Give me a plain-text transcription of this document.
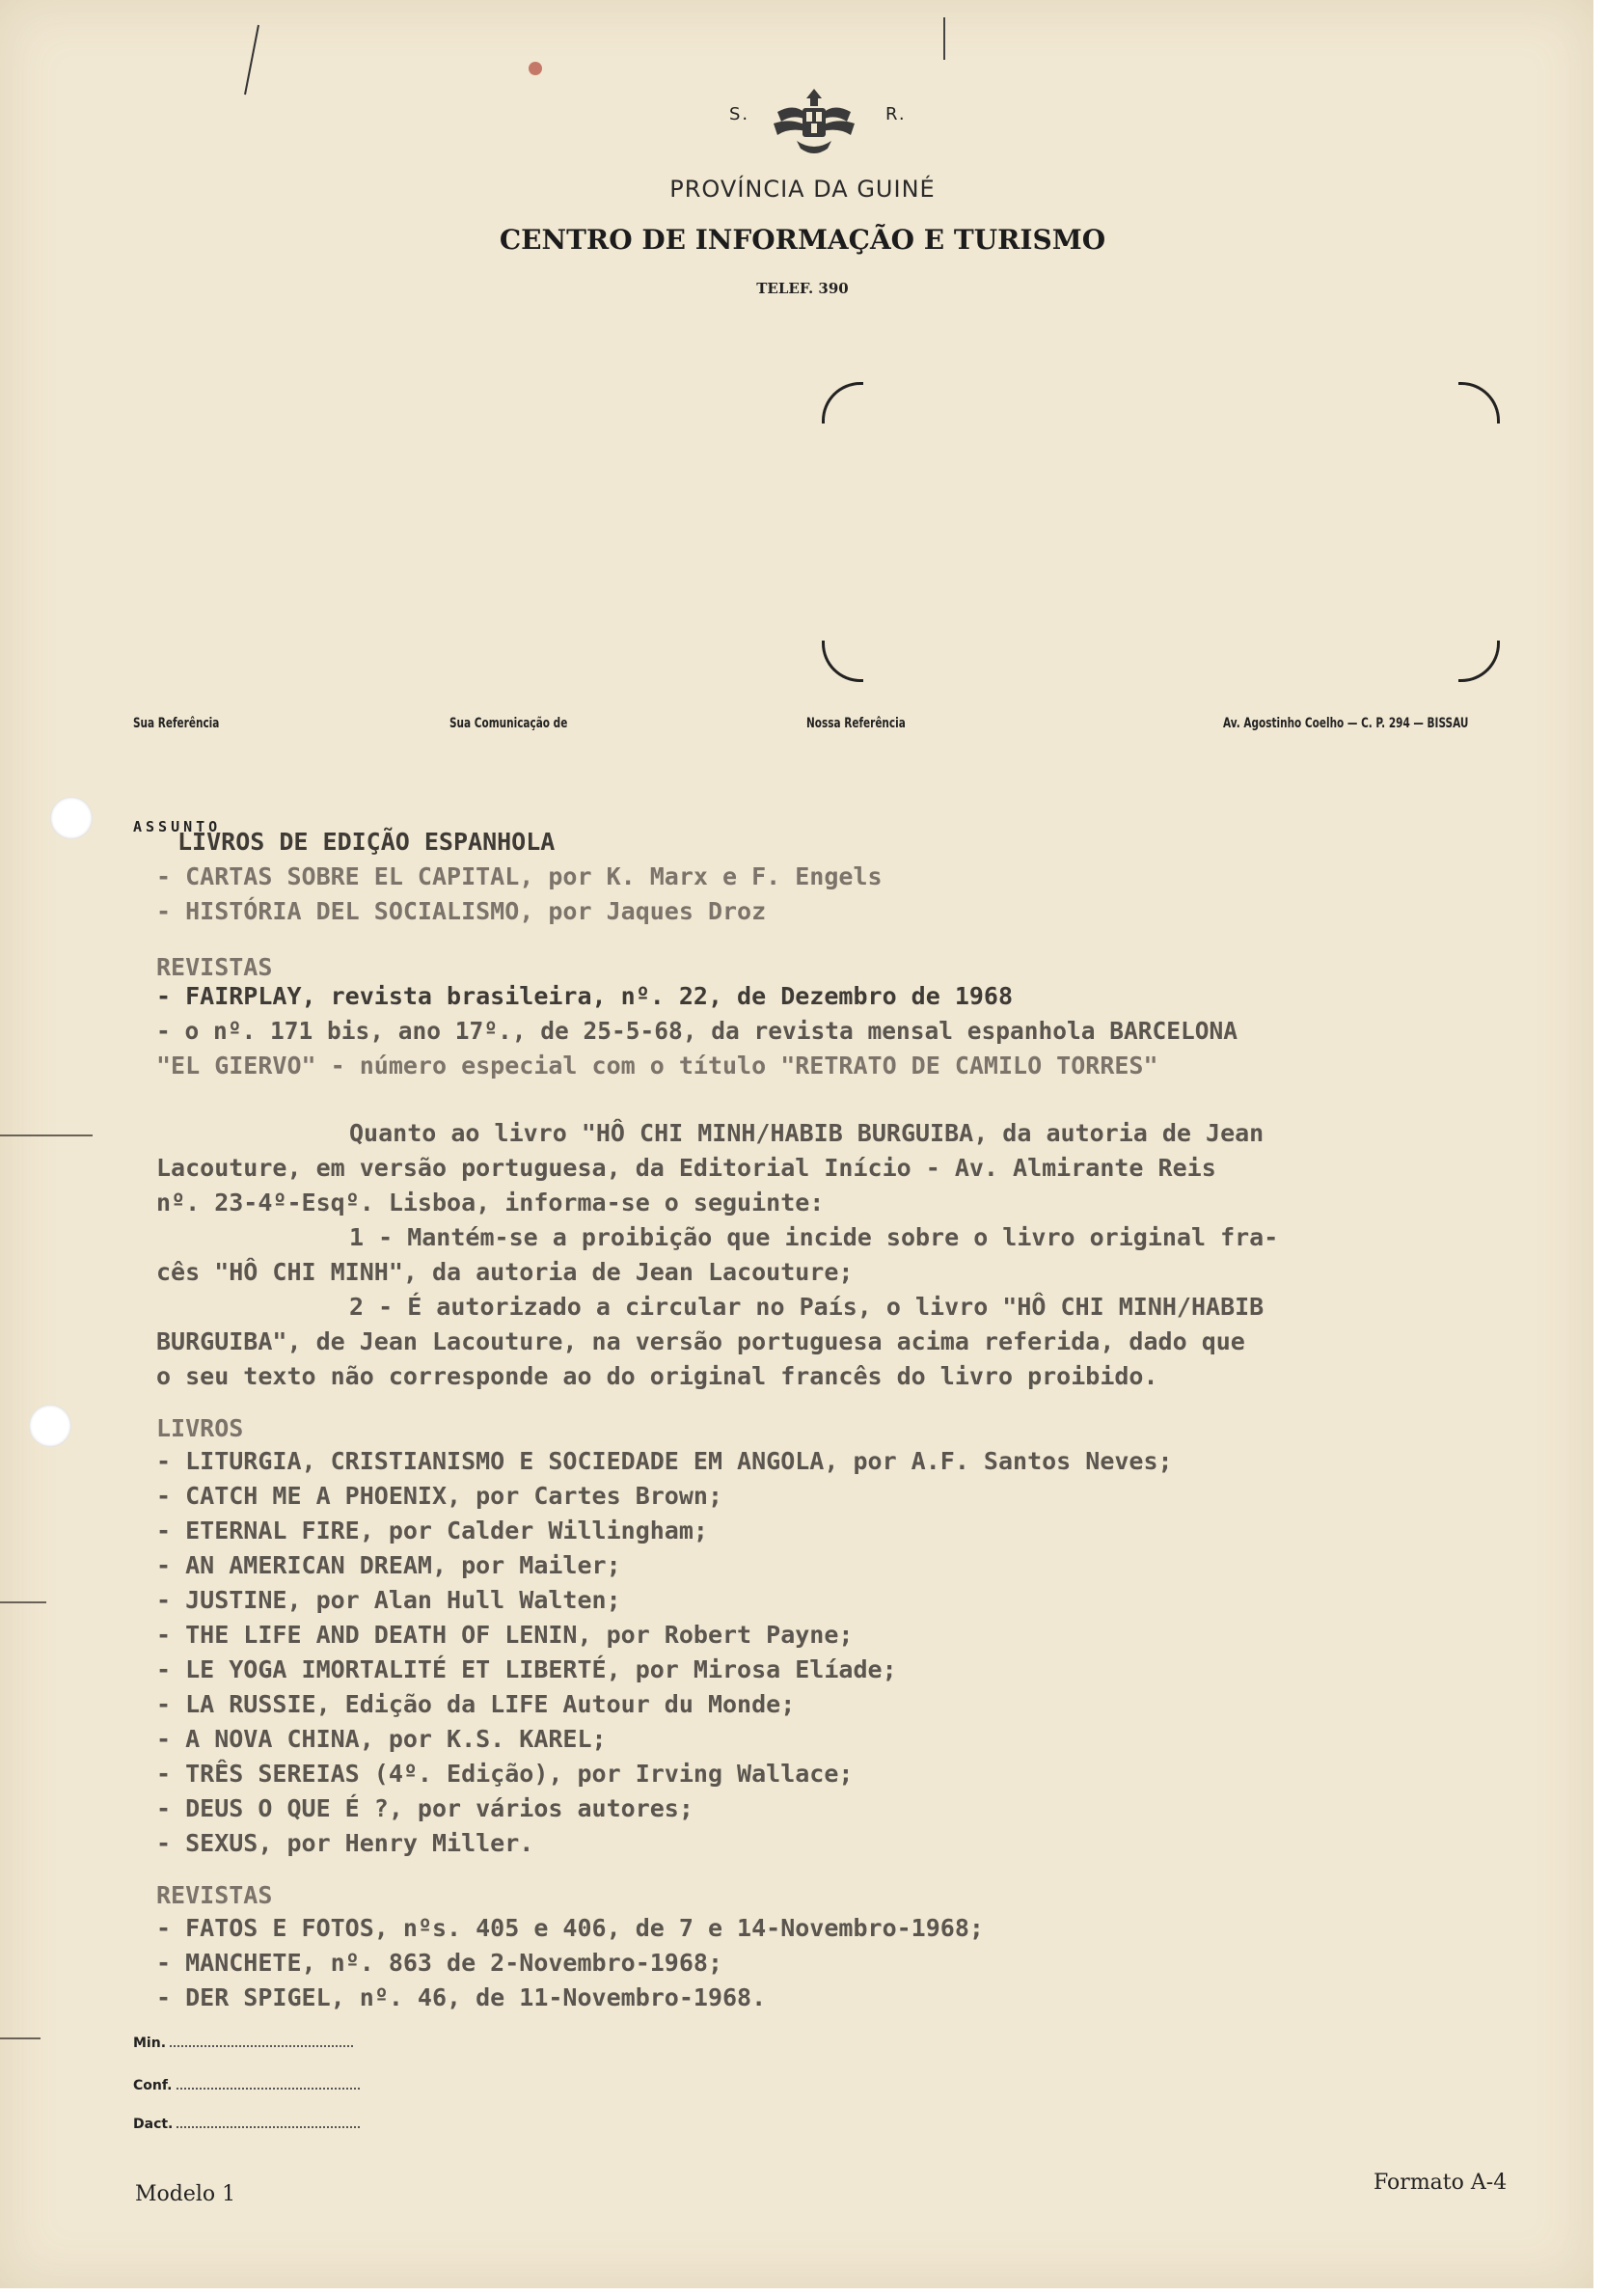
S.	R.
PROVÍNCIA DA GUINÉ
CENTRO DE INFORMAÇÃO E TURISMO
TELEF. 390
Sua Referência	Sua Comunicação de	Nossa Referência	Av. Agostinho Coelho — C. P. 294 — BISSAU
ASSUNTO
LIVROS DE EDIÇÃO ESPANHOLA
- CARTAS SOBRE EL CAPITAL, por K. Marx e F. Engels
- HISTÓRIA DEL SOCIALISMO, por Jaques Droz
REVISTAS
- FAIRPLAY, revista brasileira, nº. 22, de Dezembro de 1968
- o nº. 171 bis, ano 17º., de 25-5-68, da revista mensal espanhola BARCELONA
"EL GIERVO" - número especial com o título "RETRATO DE CAMILO TORRES"
Quanto ao livro "HÔ CHI MINH/HABIB BURGUIBA, da autoria de Jean
Lacouture, em versão portuguesa, da Editorial Início - Av. Almirante Reis
nº. 23-4º-Esqº. Lisboa, informa-se o seguinte:
1 - Mantém-se a proibição que incide sobre o livro original fra-
cês "HÔ CHI MINH", da autoria de Jean Lacouture;
2 - É autorizado a circular no País, o livro "HÔ CHI MINH/HABIB
BURGUIBA", de Jean Lacouture, na versão portuguesa acima referida, dado que
o seu texto não corresponde ao do original francês do livro proibido.
LIVROS
- LITURGIA, CRISTIANISMO E SOCIEDADE EM ANGOLA, por A.F. Santos Neves;
- CATCH ME A PHOENIX, por Cartes Brown;
- ETERNAL FIRE, por Calder Willingham;
- AN AMERICAN DREAM, por Mailer;
- JUSTINE, por Alan Hull Walten;
- THE LIFE AND DEATH OF LENIN, por Robert Payne;
- LE YOGA IMORTALITÉ ET LIBERTÉ, por Mirosa Elíade;
- LA RUSSIE, Edição da LIFE Autour du Monde;
- A NOVA CHINA, por K.S. KAREL;
- TRÊS SEREIAS (4º. Edição), por Irving Wallace;
- DEUS O QUE É ?, por vários autores;
- SEXUS, por Henry Miller.
REVISTAS
- FATOS E FOTOS, nºs. 405 e 406, de 7 e 14-Novembro-1968;
- MANCHETE, nº. 863 de 2-Novembro-1968;
- DER SPIGEL, nº. 46, de 11-Novembro-1968.
Min.
Conf.
Dact.
Modelo 1	Formato A-4
